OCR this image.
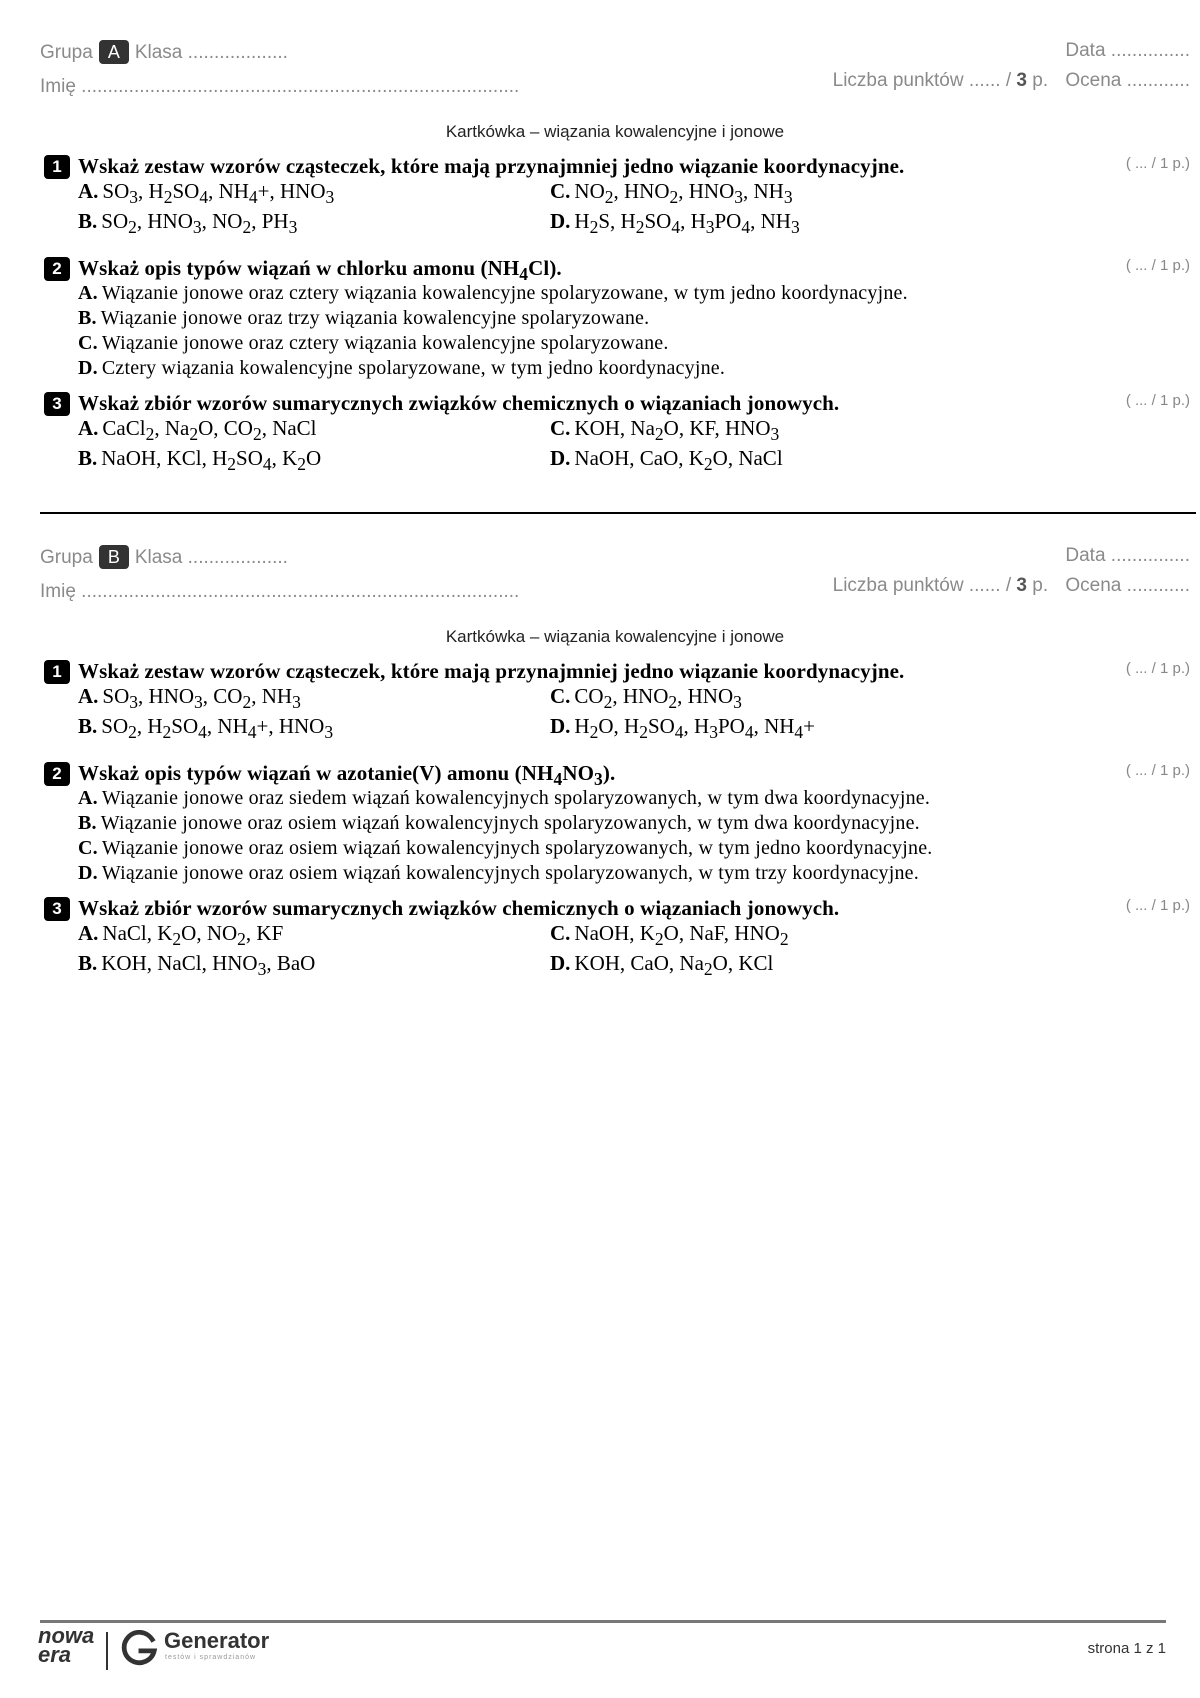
Grupa A Klasa ...................
Imię ...................................................................................
Data ...............
Liczba punktów ...... / 3 p. Ocena ............
Kartkówka – wiązania kowalencyjne i jonowe
1 Wskaż zestaw wzorów cząsteczek, które mają przynajmniej jedno wiązanie koordynacyjne.	( ... / 1 p.)
A. $SO_3$, $H_2SO_4$, $NH_4+$, $HNO_3$	C. $NO_2$, $HNO_2$, $HNO_3$, $NH_3$
B. $SO_2$, $HNO_3$, $NO_2$, $PH_3$	D. $H_2S$, $H_2SO_4$, $H_3PO_4$, $NH_3$
2 Wskaż opis typów wiązań w chlorku amonu $(NH_4Cl)$.	( ... / 1 p.)
A. Wiązanie jonowe oraz cztery wiązania kowalencyjne spolaryzowane, w tym jedno koordynacyjne.
B. Wiązanie jonowe oraz trzy wiązania kowalencyjne spolaryzowane.
C. Wiązanie jonowe oraz cztery wiązania kowalencyjne spolaryzowane.
D. Cztery wiązania kowalencyjne spolaryzowane, w tym jedno koordynacyjne.
3 Wskaż zbiór wzorów sumarycznych związków chemicznych o wiązaniach jonowych.	( ... / 1 p.)
A. CaCl$_2$, $Na_2O$, $CO_2$, NaCl	C. KOH, $Na_2O$, KF, $HNO_3$
B. NaOH, KCl, $H_2SO_4$, $K_2O$	D. NaOH, CaO, $K_2O$, NaCl
Grupa B Klasa ...................
Imię ...................................................................................
Data ...............
Liczba punktów ...... / 3 p. Ocena ............
Kartkówka – wiązania kowalencyjne i jonowe
1 Wskaż zestaw wzorów cząsteczek, które mają przynajmniej jedno wiązanie koordynacyjne.	( ... / 1 p.)
A. $SO_3$, $HNO_3$, $CO_2$, $NH_3$	C. $CO_2$, $HNO_2$, $HNO_3$
B. $SO_2$, $H_2SO_4$, $NH_4+$, $HNO_3$	D. $H_2O$, $H_2SO_4$, $H_3PO_4$, $NH_4+$
2 Wskaż opis typów wiązań w azotanie(V) amonu $(NH_4NO_3)$.	( ... / 1 p.)
A. Wiązanie jonowe oraz siedem wiązań kowalencyjnych spolaryzowanych, w tym dwa koordynacyjne.
B. Wiązanie jonowe oraz osiem wiązań kowalencyjnych spolaryzowanych, w tym dwa koordynacyjne.
C. Wiązanie jonowe oraz osiem wiązań kowalencyjnych spolaryzowanych, w tym jedno koordynacyjne.
D. Wiązanie jonowe oraz osiem wiązań kowalencyjnych spolaryzowanych, w tym trzy koordynacyjne.
3 Wskaż zbiór wzorów sumarycznych związków chemicznych o wiązaniach jonowych.	( ... / 1 p.)
A. NaCl, $K_2O$, $NO_2$, KF	C. NaOH, $K_2O$, NaF, $HNO_2$
B. KOH, NaCl, $HNO_3$, BaO	D. KOH, CaO, $Na_2O$, KCl
nowa
era
Generator
testów i sprawdzianów
strona 1 z 1
